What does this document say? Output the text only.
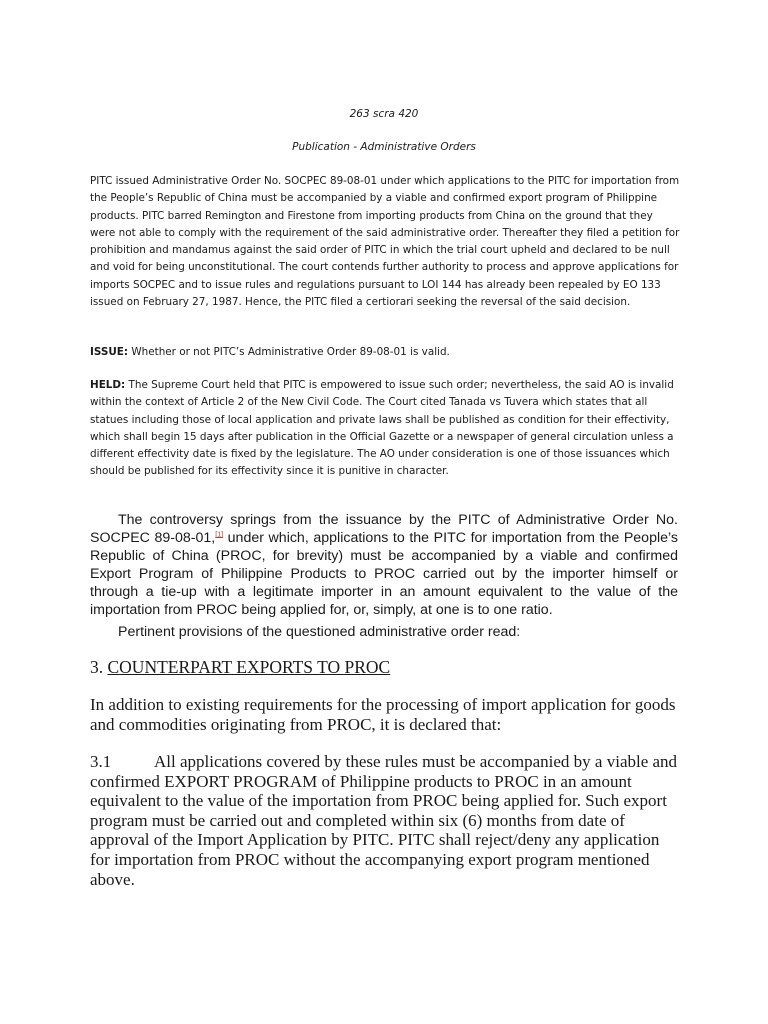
263 scra 420
Publication - Administrative Orders

PITC issued Administrative Order No. SOCPEC 89-08-01 under which applications to the PITC for importation from the People’s Republic of China must be accompanied by a viable and confirmed export program of Philippine products. PITC barred Remington and Firestone from importing products from China on the ground that they were not able to comply with the requirement of the said administrative order. Thereafter they filed a petition for prohibition and mandamus against the said order of PITC in which the trial court upheld and declared to be null and void for being unconstitutional. The court contends further authority to process and approve applications for imports SOCPEC and to issue rules and regulations pursuant to LOI 144 has already been repealed by EO 133 issued on February 27, 1987. Hence, the PITC filed a certiorari seeking the reversal of the said decision.

ISSUE: Whether or not PITC’s Administrative Order 89-08-01 is valid.

HELD: The Supreme Court held that PITC is empowered to issue such order; nevertheless, the said AO is invalid within the context of Article 2 of the New Civil Code. The Court cited Tanada vs Tuvera which states that all statues including those of local application and private laws shall be published as condition for their effectivity, which shall begin 15 days after publication in the Official Gazette or a newspaper of general circulation unless a different effectivity date is fixed by the legislature. The AO under consideration is one of those issuances which should be published for its effectivity since it is punitive in character.

The controversy springs from the issuance by the PITC of Administrative Order No. SOCPEC 89-08-01,[1] under which, applications to the PITC for importation from the People’s Republic of China (PROC, for brevity) must be accompanied by a viable and confirmed Export Program of Philippine Products to PROC carried out by the importer himself or through a tie-up with a legitimate importer in an amount equivalent to the value of the importation from PROC being applied for, or, simply, at one is to one ratio.

Pertinent provisions of the questioned administrative order read:

3. COUNTERPART EXPORTS TO PROC

In addition to existing requirements for the processing of import application for goods and commodities originating from PROC, it is declared that:

3.1	All applications covered by these rules must be accompanied by a viable and confirmed EXPORT PROGRAM of Philippine products to PROC in an amount equivalent to the value of the importation from PROC being applied for. Such export program must be carried out and completed within six (6) months from date of approval of the Import Application by PITC. PITC shall reject/deny any application for importation from PROC without the accompanying export program mentioned above.
